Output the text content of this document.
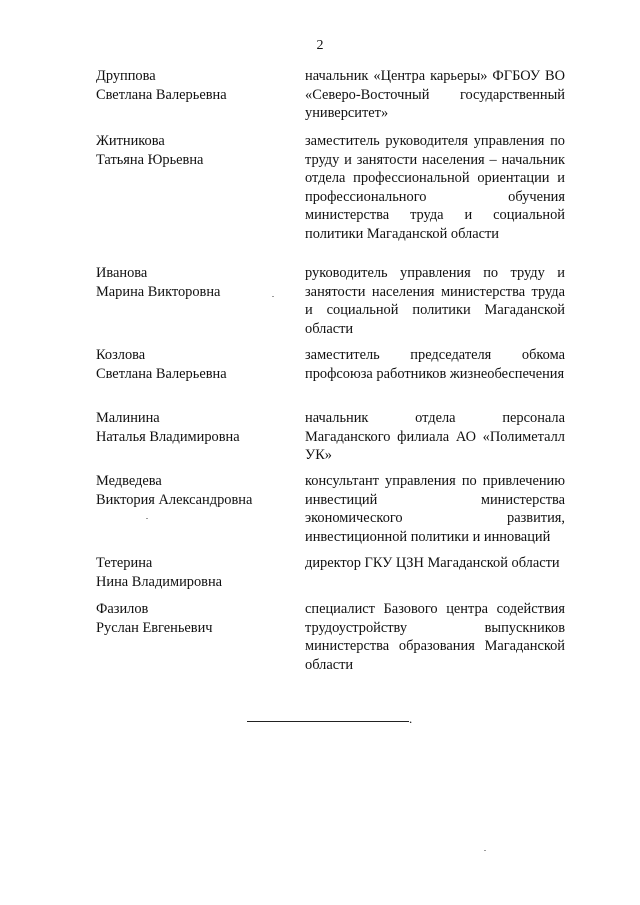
2
Друппова
Светлана Валерьевна
начальник «Центра карьеры» ФГБОУ ВО «Северо-Восточный государственный университет»
Житникова
Татьяна Юрьевна
заместитель руководителя управления по труду и занятости населения – начальник отдела профессиональной ориентации и профессионального обучения министерства труда и социальной политики Магаданской области
Иванова
Марина Викторовна
руководитель управления по труду и занятости населения министерства труда и социальной политики Магаданской области
Козлова
Светлана Валерьевна
заместитель председателя обкома профсоюза работников жизнеобеспечения
Малинина
Наталья Владимировна
начальник отдела персонала Магаданского филиала АО «Полиметалл УК»
Медведева
Виктория Александровна
консультант управления по привлечению инвестиций министерства экономического развития, инвестиционной политики и инноваций
Тетерина
Нина Владимировна
директор ГКУ ЦЗН Магаданской области
Фазилов
Руслан Евгеньевич
специалист Базового центра содействия трудоустройству выпускников министерства образования Магаданской области
.
